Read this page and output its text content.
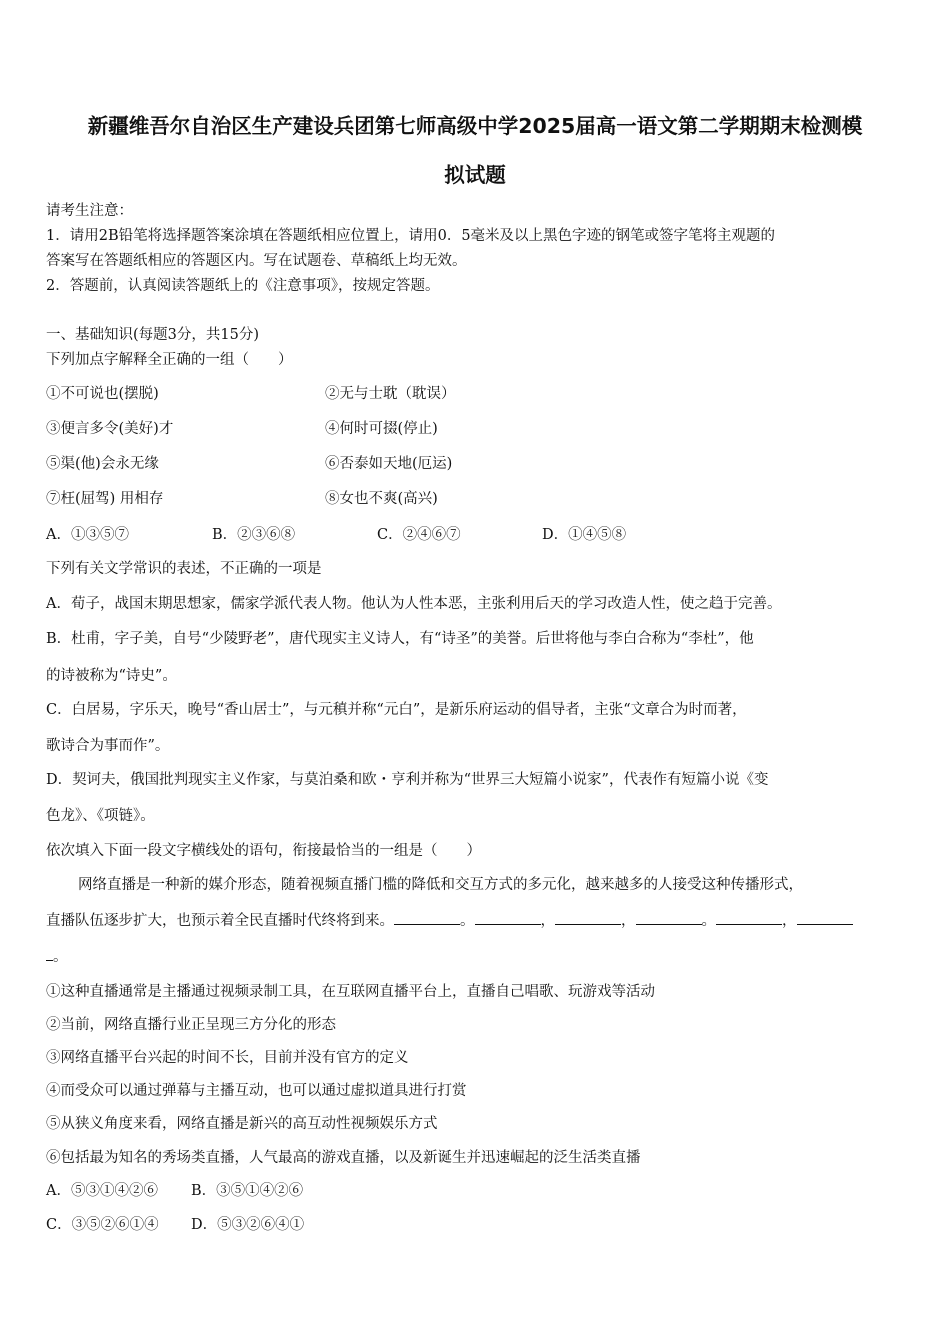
新疆维吾尔自治区生产建设兵团第七师高级中学2025届高一语文第二学期期末检测模
拟试题
请考生注意：
1．请用2B铅笔将选择题答案涂填在答题纸相应位置上，请用0．5毫米及以上黑色字迹的钢笔或签字笔将主观题的
答案写在答题纸相应的答题区内。写在试题卷、草稿纸上均无效。
2．答题前，认真阅读答题纸上的《注意事项》，按规定答题。
一、基础知识(每题3分，共15分)
下列加点字解释全正确的一组（　　）
①不可说也(摆脱)	②无与士耽（耽误）
③便言多令(美好)才	④何时可掇(停止)
⑤渠(他)会永无缘	⑥否泰如天地(厄运)
⑦枉(屈驾) 用相存	⑧女也不爽(高兴)
A．①③⑤⑦	B．②③⑥⑧	C．②④⑥⑦	D．①④⑤⑧
下列有关文学常识的表述，不正确的一项是
A．荀子，战国末期思想家，儒家学派代表人物。他认为人性本恶，主张利用后天的学习改造人性，使之趋于完善。
B．杜甫，字子美，自号“少陵野老”，唐代现实主义诗人，有“诗圣”的美誉。后世将他与李白合称为“李杜”，他
的诗被称为“诗史”。
C．白居易，字乐天，晚号“香山居士”，与元稹并称“元白”，是新乐府运动的倡导者，主张“文章合为时而著，
歌诗合为事而作”。
D．契诃夫，俄国批判现实主义作家，与莫泊桑和欧・亨利并称为“世界三大短篇小说家”，代表作有短篇小说《变
色龙》、《项链》。
依次填入下面一段文字横线处的语句，衔接最恰当的一组是（　　）
网络直播是一种新的媒介形态，随着视频直播门槛的降低和交互方式的多元化，越来越多的人接受这种传播形式，
直播队伍逐步扩大，也预示着全民直播时代终将到来。	。	，	，	。	，
。
①这种直播通常是主播通过视频录制工具，在互联网直播平台上，直播自己唱歌、玩游戏等活动
②当前，网络直播行业正呈现三方分化的形态
③网络直播平台兴起的时间不长，目前并没有官方的定义
④而受众可以通过弹幕与主播互动，也可以通过虚拟道具进行打赏
⑤从狭义角度来看，网络直播是新兴的高互动性视频娱乐方式
⑥包括最为知名的秀场类直播，人气最高的游戏直播，以及新诞生并迅速崛起的泛生活类直播
A．⑤③①④②⑥ B．③⑤①④②⑥
C．③⑤②⑥①④ D．⑤③②⑥④①
